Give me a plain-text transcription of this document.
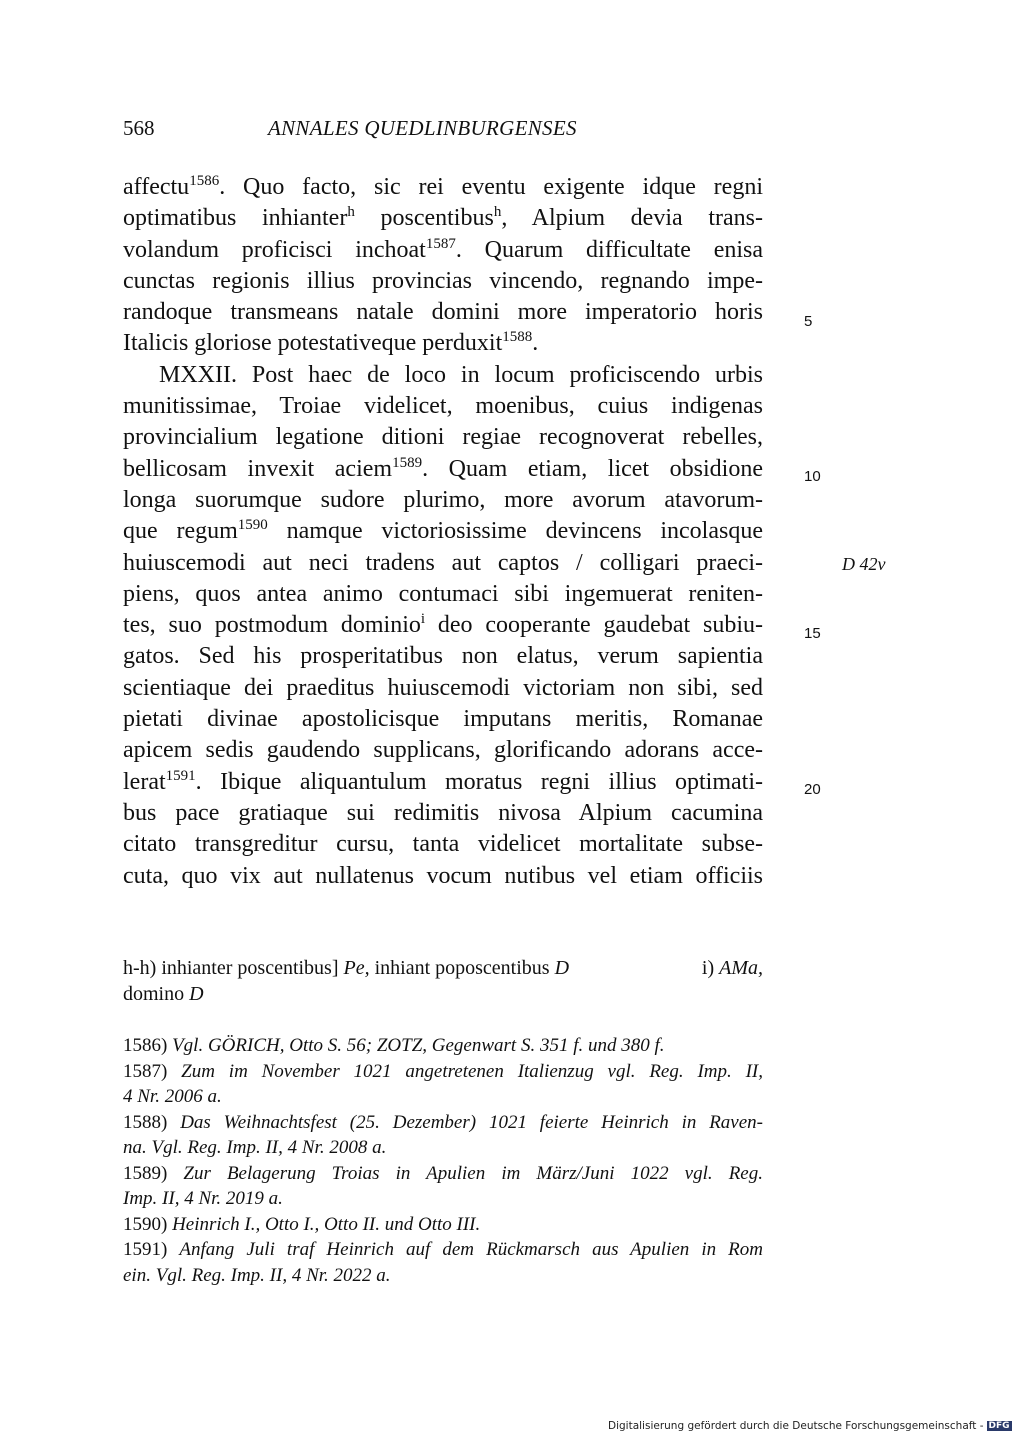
568	ANNALES QUEDLINBURGENSES
affectu$^{1586}$. Quo facto, sic rei eventu exigente idque regni
optimatibus inhianter$^h$ poscentibus$^h$, Alpium devia trans-
volandum proficisci inchoat$^{1587}$. Quarum difficultate enisa
cunctas regionis illius provincias vincendo, regnando impe-
randoque transmeans natale domini more imperatorio horis
Italicis gloriose potestativeque perduxit$^{1588}$.
MXXII. Post haec de loco in locum proficiscendo urbis
munitissimae, Troiae videlicet, moenibus, cuius indigenas
provincialium legatione ditioni regiae recognoverat rebelles,
bellicosam invexit aciem$^{1589}$. Quam etiam, licet obsidione
longa suorumque sudore plurimo, more avorum atavorum-
que regum$^{1590}$ namque victoriosissime devincens incolasque
huiuscemodi aut neci tradens aut captos / colligari praeci-
piens, quos antea animo contumaci sibi ingemuerat reniten-
tes, suo postmodum dominio$^i$ deo cooperante gaudebat subiu-
gatos. Sed his prosperitatibus non elatus, verum sapientia
scientiaque dei praeditus huiuscemodi victoriam non sibi, sed
pietati divinae apostolicisque imputans meritis, Romanae
apicem sedis gaudendo supplicans, glorificando adorans acce-
lerat$^{1591}$. Ibique aliquantulum moratus regni illius optimati-
bus pace gratiaque sui redimitis nivosa Alpium cacumina
citato transgreditur cursu, tanta videlicet mortalitate subse-
cuta, quo vix aut nullatenus vocum nutibus vel etiam officiis
5
10
15
20
D 42v
h-h) inhianter poscentibus] Pe, inhiant poposcentibus D	i) AMa,
domino D
1586) Vgl. GÖRICH, Otto S. 56; ZOTZ, Gegenwart S. 351 f. und 380 f.
1587) Zum im November 1021 angetretenen Italienzug vgl. Reg. Imp. II,
4 Nr. 2006 a.
1588) Das Weihnachtsfest (25. Dezember) 1021 feierte Heinrich in Raven-
na. Vgl. Reg. Imp. II, 4 Nr. 2008 a.
1589) Zur Belagerung Troias in Apulien im März/Juni 1022 vgl. Reg.
Imp. II, 4 Nr. 2019 a.
1590) Heinrich I., Otto I., Otto II. und Otto III.
1591) Anfang Juli traf Heinrich auf dem Rückmarsch aus Apulien in Rom
ein. Vgl. Reg. Imp. II, 4 Nr. 2022 a.
Digitalisierung gefördert durch die Deutsche Forschungsgemeinschaft - DFG
